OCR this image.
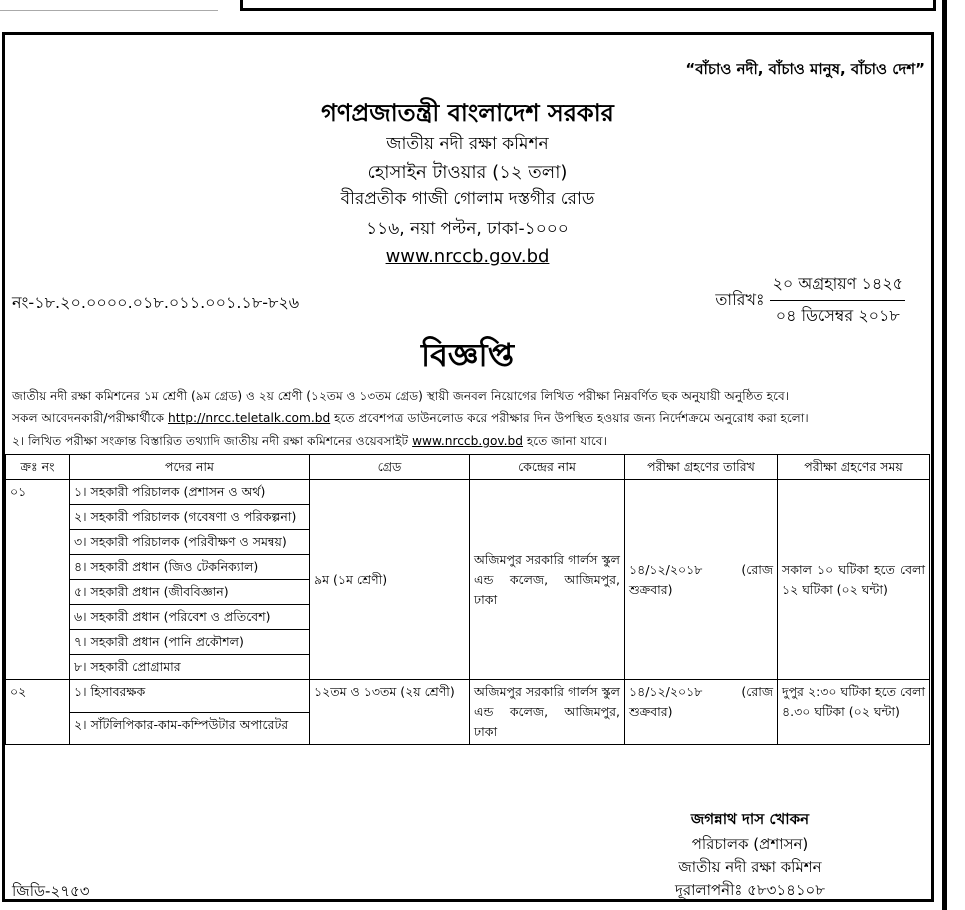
“বাঁচাও নদী, বাঁচাও মানুষ, বাঁচাও দেশ”
গণপ্রজাতন্ত্রী বাংলাদেশ সরকার
জাতীয় নদী রক্ষা কমিশন
হোসাইন টাওয়ার (১২ তলা)
বীরপ্রতীক গাজী গোলাম দস্তগীর রোড
১১৬, নয়া পল্টন, ঢাকা-১০০০
www.nrccb.gov.bd
নং-১৮.২০.০০০০.০১৮.০১১.০০১.১৮-৮২৬	তারিখঃ
২০ অগ্রহায়ণ ১৪২৫
০৪ ডিসেম্বর ২০১৮
বিজ্ঞপ্তি
জাতীয় নদী রক্ষা কমিশনের ১ম শ্রেণী (৯ম গ্রেড) ও ২য় শ্রেণী (১২তম ও ১৩তম গ্রেড) স্থায়ী জনবল নিয়োগের লিখিত পরীক্ষা নিম্নবর্ণিত ছক অনুযায়ী অনুষ্ঠিত হবে।
সকল আবেদনকারী/পরীক্ষার্থীকে http://nrcc.teletalk.com.bd হতে প্রবেশপত্র ডাউনলোড করে পরীক্ষার দিন উপস্থিত হওয়ার জন্য নির্দেশক্রমে অনুরোধ করা হলো।
২। লিখিত পরীক্ষা সংক্রান্ত বিস্তারিত তথ্যাদি জাতীয় নদী রক্ষা কমিশনের ওয়েবসাইট www.nrccb.gov.bd হতে জানা যাবে।
ক্রঃ নং	পদের নাম	গ্রেড	কেন্দ্রের নাম	পরীক্ষা গ্রহণের তারিখ	পরীক্ষা গ্রহণের সময়
০১	১। সহকারী পরিচালক (প্রশাসন ও অর্থ)	৯ম (১ম শ্রেণী)	অজিমপুর সরকারি গার্লস স্কুল এন্ড কলেজ, আজিমপুর, ঢাকা	১৪/১২/২০১৮ (রোজ শুক্রবার)	সকাল ১০ ঘটিকা হতে বেলা ১২ ঘটিকা (০২ ঘন্টা)
	২। সহকারী পরিচালক (গবেষণা ও পরিকল্পনা)				
	৩। সহকারী পরিচালক (পরিবীক্ষণ ও সমন্বয়)				
	৪। সহকারী প্রধান (জিও টেকনিক্যাল)				
	৫। সহকারী প্রধান (জীববিজ্ঞান)				
	৬। সহকারী প্রধান (পরিবেশ ও প্রতিবেশ)				
	৭। সহকারী প্রধান (পানি প্রকৌশল)				
	৮। সহকারী প্রোগ্রামার				
০২	১। হিসাবরক্ষক	১২তম ও ১৩তম (২য় শ্রেণী)	অজিমপুর সরকারি গার্লস স্কুল এন্ড কলেজ, আজিমপুর, ঢাকা	১৪/১২/২০১৮ (রোজ শুক্রবার)	দুপুর ২:৩০ ঘটিকা হতে বেলা ৪.৩০ ঘটিকা (০২ ঘন্টা)
	২। সাঁটলিপিকার-কাম-কম্পিউটার অপারেটর				
জগন্নাথ দাস খোকন
পরিচালক (প্রশাসন)
জাতীয় নদী রক্ষা কমিশন
দূরালাপনীঃ ৫৮৩১৪১০৮
জিডি-২৭৫৩
